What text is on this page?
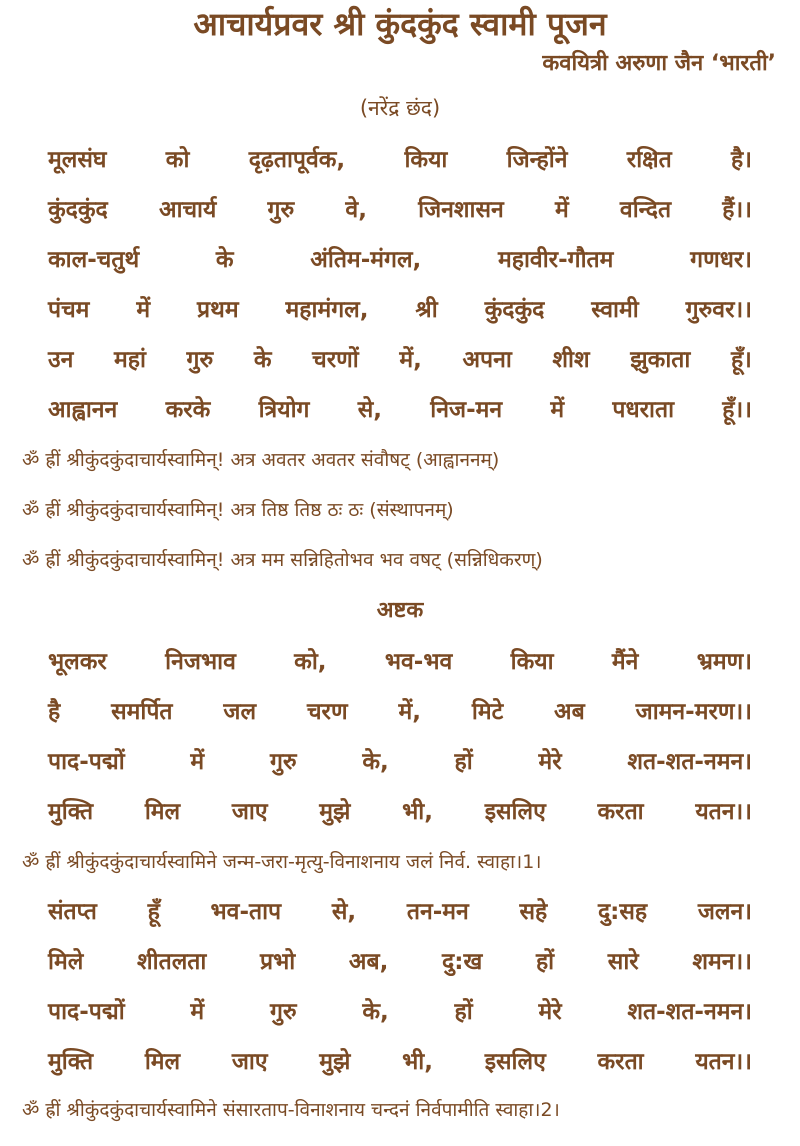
आचार्यप्रवर श्री कुंदकुंद स्वामी पूजन
कवयित्री अरुणा जैन ‘भारती’
(नरेंद्र छंद)
मूलसंघ	को	दृढ़तापूर्वक,	किया	जिन्होंने	रक्षित	है।
कुंदकुंद आचार्य गुरु वे, जिनशासन में वन्दित हैं।।
काल-चतुर्थ	के	अंतिम-मंगल,	महावीर-गौतम	गणधर।
पंचम में प्रथम महामंगल, श्री कुंदकुंद स्वामी गुरुवर।।
उन महां गुरु के चरणों में, अपना शीश झुकाता हूँ।
आह्वानन करके त्रियोग से, निज-मन में पधराता हूँ।।
ॐ ह्रीं श्रीकुंदकुंदाचार्यस्वामिन्! अत्र अवतर अवतर संवौषट् (आह्वाननम्)
ॐ ह्रीं श्रीकुंदकुंदाचार्यस्वामिन्! अत्र तिष्ठ तिष्ठ ठः ठः (संस्थापनम्)
ॐ ह्रीं श्रीकुंदकुंदाचार्यस्वामिन्! अत्र मम सन्निहितोभव भव वषट् (सन्निधिकरण्)
अष्टक
भूलकर	निजभाव	को,	भव-भव	किया	मैंने	भ्रमण।
है समर्पित जल चरण में, मिटे अब जामन-मरण।।
पाद-पद्मों	में	गुरु	के,	हों	मेरे	शत-शत-नमन।
मुक्ति मिल जाए मुझे भी, इसलिए करता यतन।।
ॐ ह्रीं श्रीकुंदकुंदाचार्यस्वामिने जन्म-जरा-मृत्यु-विनाशनाय जलं निर्व. स्वाहा।1।
संतप्त हूँ भव-ताप से, तन-मन सहे दु:सह जलन।
मिले शीतलता प्रभो अब, दु:ख हों सारे शमन।।
पाद-पद्मों	में	गुरु	के,	हों	मेरे	शत-शत-नमन।
मुक्ति मिल जाए मुझे भी, इसलिए करता यतन।।
ॐ ह्रीं श्रीकुंदकुंदाचार्यस्वामिने संसारताप-विनाशनाय चन्दनं निर्वपामीति स्वाहा।2।
